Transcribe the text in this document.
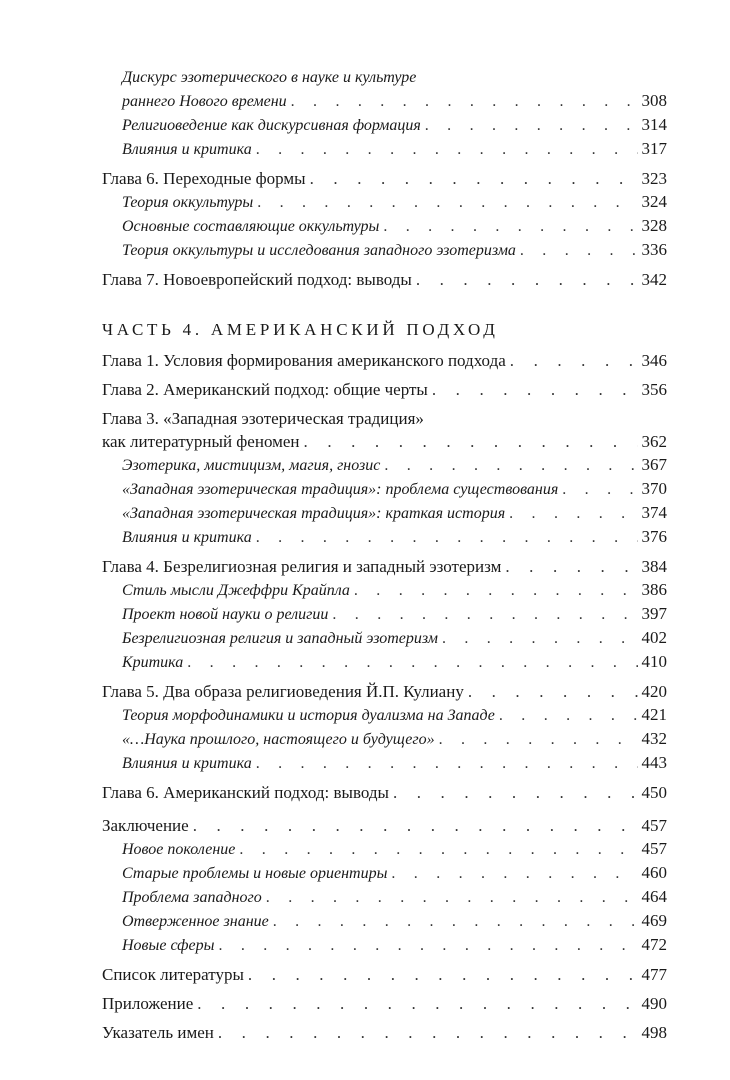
Дискурс эзотерического в науке и культуре
раннего Нового времени . . .	308
Религиоведение как дискурсивная формация . . .	314
Влияния и критика . . .	317
Глава 6. Переходные формы . . .	323
Теория оккультуры . . .	324
Основные составляющие оккультуры . . .	328
Теория оккультуры и исследования западного эзотеризма . . .	336
Глава 7. Новоевропейский подход: выводы . . .	342
ЧАСТЬ 4. АМЕРИКАНСКИЙ ПОДХОД
Глава 1. Условия формирования американского подхода . . .	346
Глава 2. Американский подход: общие черты . . .	356
Глава 3. «Западная эзотерическая традиция»
как литературный феномен . . .	362
Эзотерика, мистицизм, магия, гнозис . . .	367
«Западная эзотерическая традиция»: проблема существования . . .	370
«Западная эзотерическая традиция»: краткая история . . .	374
Влияния и критика . . .	376
Глава 4. Безрелигиозная религия и западный эзотеризм . . .	384
Стиль мысли Джеффри Крайпла . . .	386
Проект новой науки о религии . . .	397
Безрелигиозная религия и западный эзотеризм . . .	402
Критика . . .	410
Глава 5. Два образа религиоведения Й.П. Кулиану . . .	420
Теория морфодинамики и история дуализма на Западе . . .	421
«…Наука прошлого, настоящего и будущего» . . .	432
Влияния и критика . . .	443
Глава 6. Американский подход: выводы . . .	450
Заключение . . .	457
Новое поколение . . .	457
Старые проблемы и новые ориентиры . . .	460
Проблема западного . . .	464
Отверженное знание . . .	469
Новые сферы . . .	472
Список литературы . . .	477
Приложение . . .	490
Указатель имен . . .	498
